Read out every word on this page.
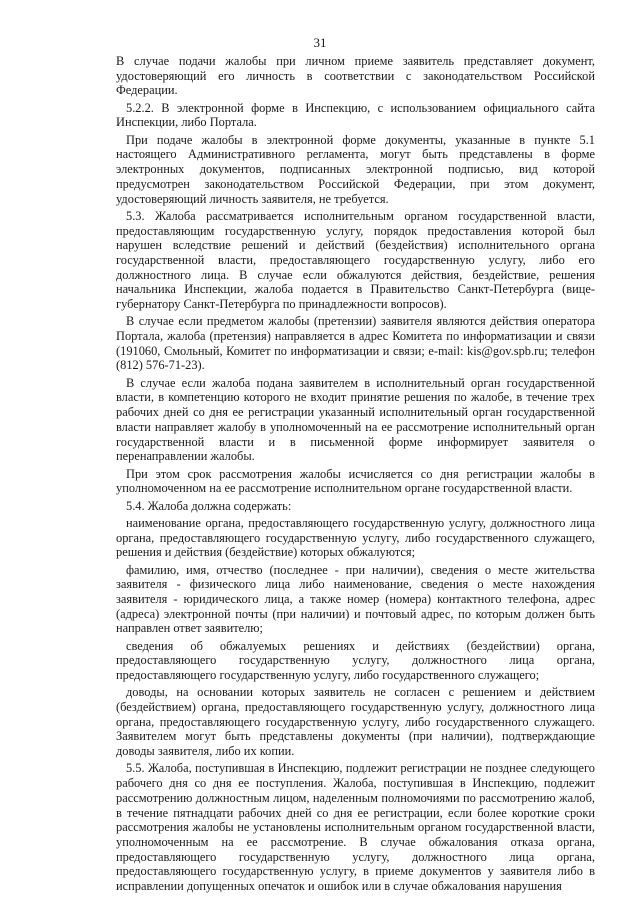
31

В случае подачи жалобы при личном приеме заявитель представляет документ, удостоверяющий его личность в соответствии с законодательством Российской Федерации.

5.2.2. В электронной форме в Инспекцию, с использованием официального сайта Инспекции, либо Портала.

При подаче жалобы в электронной форме документы, указанные в пункте 5.1 настоящего Административного регламента, могут быть представлены в форме электронных документов, подписанных электронной подписью, вид которой предусмотрен законодательством Российской Федерации, при этом документ, удостоверяющий личность заявителя, не требуется.

5.3. Жалоба рассматривается исполнительным органом государственной власти, предоставляющим государственную услугу, порядок предоставления которой был нарушен вследствие решений и действий (бездействия) исполнительного органа государственной власти, предоставляющего государственную услугу, либо его должностного лица. В случае если обжалуются действия, бездействие, решения начальника Инспекции, жалоба подается в Правительство Санкт-Петербурга (вице-губернатору Санкт-Петербурга по принадлежности вопросов).

В случае если предметом жалобы (претензии) заявителя являются действия оператора Портала, жалоба (претензия) направляется в адрес Комитета по информатизации и связи (191060, Смольный, Комитет по информатизации и связи; e-mail: kis@gov.spb.ru; телефон (812) 576-71-23).

В случае если жалоба подана заявителем в исполнительный орган государственной власти, в компетенцию которого не входит принятие решения по жалобе, в течение трех рабочих дней со дня ее регистрации указанный исполнительный орган государственной власти направляет жалобу в уполномоченный на ее рассмотрение исполнительный орган государственной власти и в письменной форме информирует заявителя о перенаправлении жалобы.

При этом срок рассмотрения жалобы исчисляется со дня регистрации жалобы в уполномоченном на ее рассмотрение исполнительном органе государственной власти.

5.4. Жалоба должна содержать:

наименование органа, предоставляющего государственную услугу, должностного лица органа, предоставляющего государственную услугу, либо государственного служащего, решения и действия (бездействие) которых обжалуются;

фамилию, имя, отчество (последнее - при наличии), сведения о месте жительства заявителя - физического лица либо наименование, сведения о месте нахождения заявителя - юридического лица, а также номер (номера) контактного телефона, адрес (адреса) электронной почты (при наличии) и почтовый адрес, по которым должен быть направлен ответ заявителю;

сведения об обжалуемых решениях и действиях (бездействии) органа, предоставляющего государственную услугу, должностного лица органа, предоставляющего государственную услугу, либо государственного служащего;

доводы, на основании которых заявитель не согласен с решением и действием (бездействием) органа, предоставляющего государственную услугу, должностного лица органа, предоставляющего государственную услугу, либо государственного служащего. Заявителем могут быть представлены документы (при наличии), подтверждающие доводы заявителя, либо их копии.

5.5. Жалоба, поступившая в Инспекцию, подлежит регистрации не позднее следующего рабочего дня со дня ее поступления. Жалоба, поступившая в Инспекцию, подлежит рассмотрению должностным лицом, наделенным полномочиями по рассмотрению жалоб, в течение пятнадцати рабочих дней со дня ее регистрации, если более короткие сроки рассмотрения жалобы не установлены исполнительным органом государственной власти, уполномоченным на ее рассмотрение. В случае обжалования отказа органа, предоставляющего государственную услугу, должностного лица органа, предоставляющего государственную услугу, в приеме документов у заявителя либо в исправлении допущенных опечаток и ошибок или в случае обжалования нарушения
